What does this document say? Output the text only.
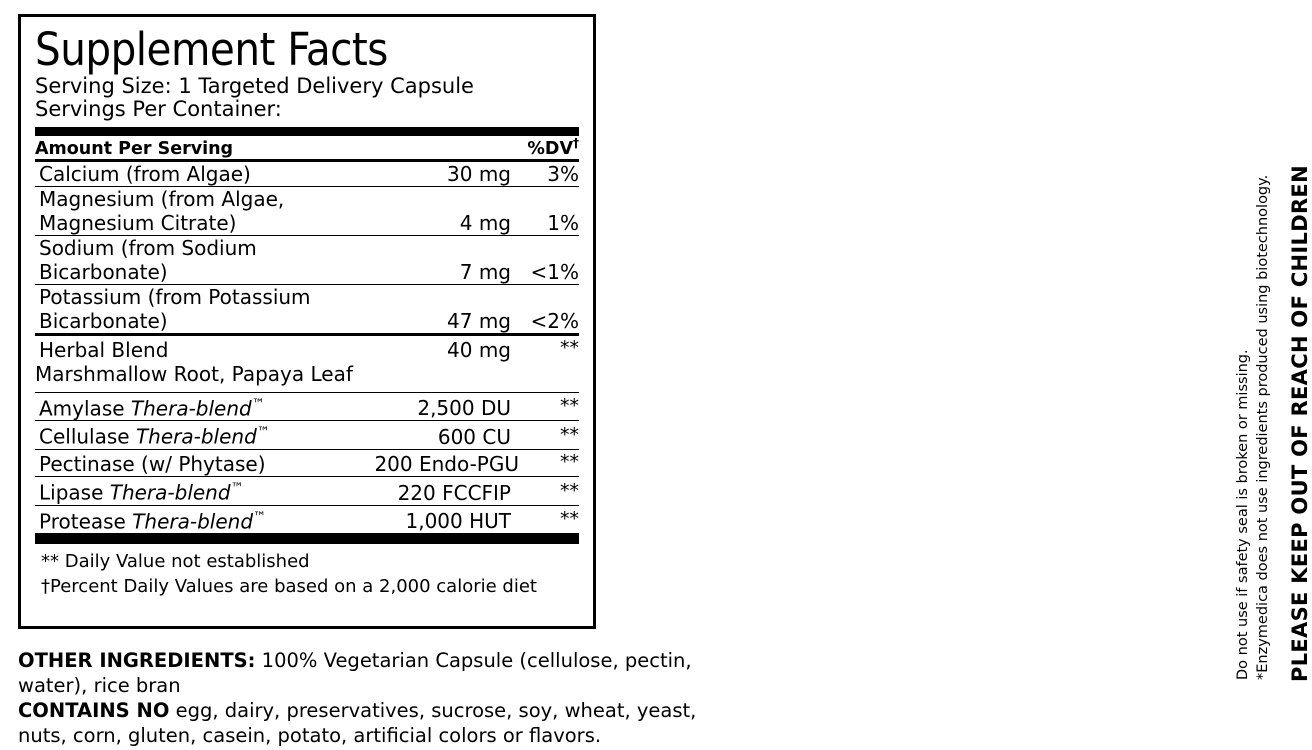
Supplement Facts
Serving Size: 1 Targeted Delivery Capsule
Servings Per Container:
Amount Per Serving		%DV†

Calcium (from Algae)	30 mg	3%

Magnesium (from Algae, Magnesium Citrate)	4 mg	1%

Sodium (from Sodium Bicarbonate)	7 mg	<1%

Potassium (from Potassium Bicarbonate)	47 mg	<2%

Herbal Blend	40 mg	**
Marshmallow Root, Papaya Leaf		

Amylase Thera-blend™	2,500 DU	**

Cellulase Thera-blend™	600 CU	**

Pectinase (w/ Phytase)	200 Endo-PGU	**

Lipase Thera-blend™	220 FCCFIP	**

Protease Thera-blend™	1,000 HUT	**
** Daily Value not established
†Percent Daily Values are based on a 2,000 calorie diet	Do not use if safety seal is broken or missing. *Enzymedica does not use ingredients produced using biotechnology. PLEASE KEEP OUT OF REACH OF CHILDREN

OTHER INGREDIENTS: 100% Vegetarian Capsule (cellulose, pectin, water), rice bran

CONTAINS NO egg, dairy, preservatives, sucrose, soy, wheat, yeast,

nuts, corn, gluten, casein, potato, artificial colors or flavors.
